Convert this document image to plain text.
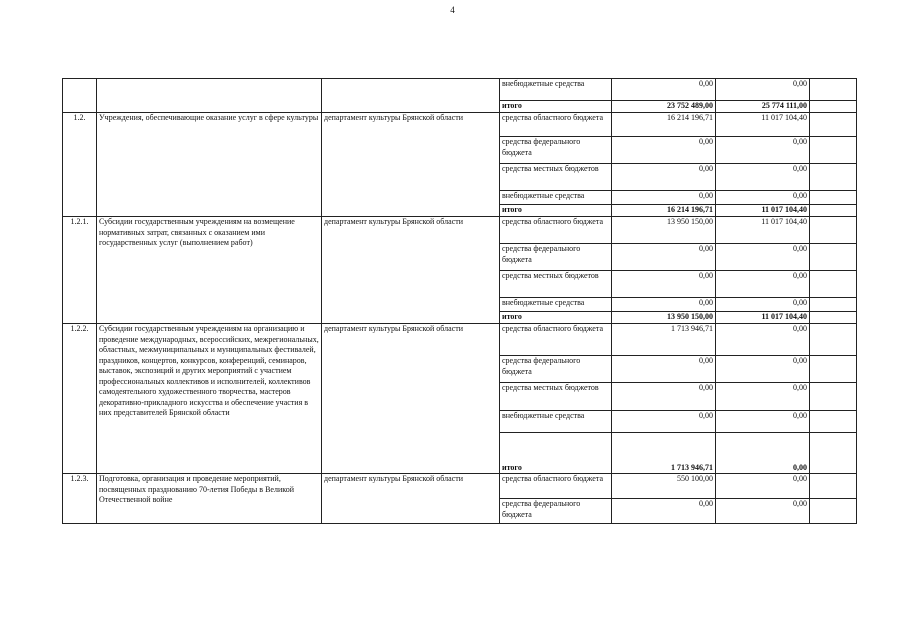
4
			внебюджетные средства	0,00	0,00	
			итого	23 752 489,00	25 774 111,00	
1.2.	Учреждения, обеспечивающие оказание услуг в сфере культуры	департамент культуры Брянской области	средства областного бюджета	16 214 196,71	11 017 104,40	
			средства федерального бюджета	0,00	0,00	
			средства местных бюджетов	0,00	0,00	
			внебюджетные средства	0,00	0,00	
			итого	16 214 196,71	11 017 104,40	
1.2.1.	Субсидии государственным учреждениям на возмещение нормативных затрат, связанных с оказанием ими государственных услуг (выполнением работ)	департамент культуры Брянской области	средства областного бюджета	13 950 150,00	11 017 104,40	
			средства федерального бюджета	0,00	0,00	
			средства местных бюджетов	0,00	0,00	
			внебюджетные средства	0,00	0,00	
			итого	13 950 150,00	11 017 104,40	
1.2.2.	Субсидии государственным учреждениям на организацию и проведение международных, всероссийских, межрегиональных, областных, межмуниципальных и муниципальных фестивалей, праздников, концертов, конкурсов, конференций, семинаров, выставок, экспозиций и других мероприятий с участием профессиональных коллективов и исполнителей, коллективов самодеятельного художественного творчества, мастеров декоративно-прикладного искусства и обеспечение участия в них представителей Брянской области	департамент культуры Брянской области	средства областного бюджета	1 713 946,71	0,00	
			средства федерального бюджета	0,00	0,00	
			средства местных бюджетов	0,00	0,00	
			внебюджетные средства	0,00	0,00	
			итого	1 713 946,71	0,00	
1.2.3.	Подготовка, организация и проведение мероприятий, посвященных празднованию 70-летия Победы в Великой Отечественной войне	департамент культуры Брянской области	средства областного бюджета	550 100,00	0,00	
			средства федерального бюджета	0,00	0,00	
